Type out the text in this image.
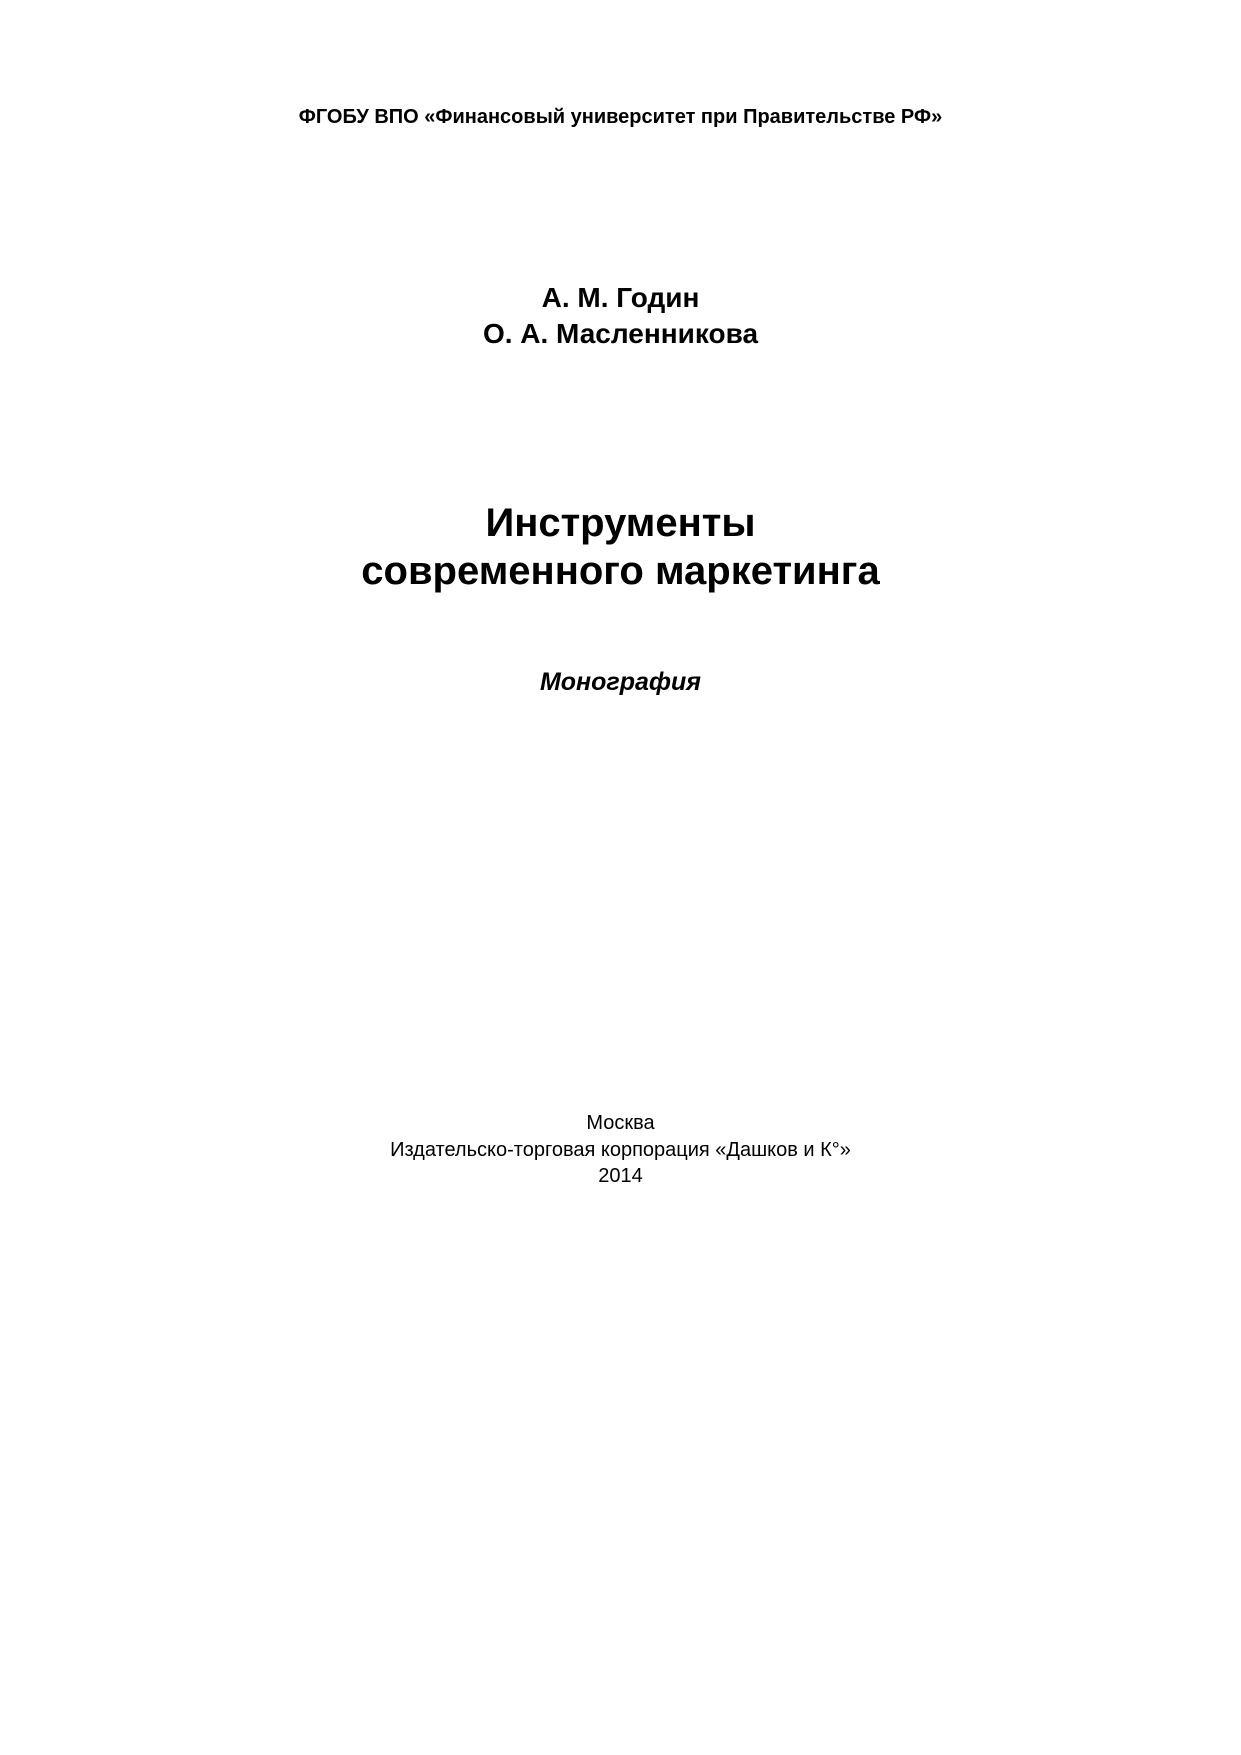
ФГОБУ ВПО «Финансовый университет при Правительстве РФ»
А. М. Годин
О. А. Масленникова
Инструменты
современного маркетинга
Монография
Москва
Издательско-торговая корпорация «Дашков и К°»
2014
